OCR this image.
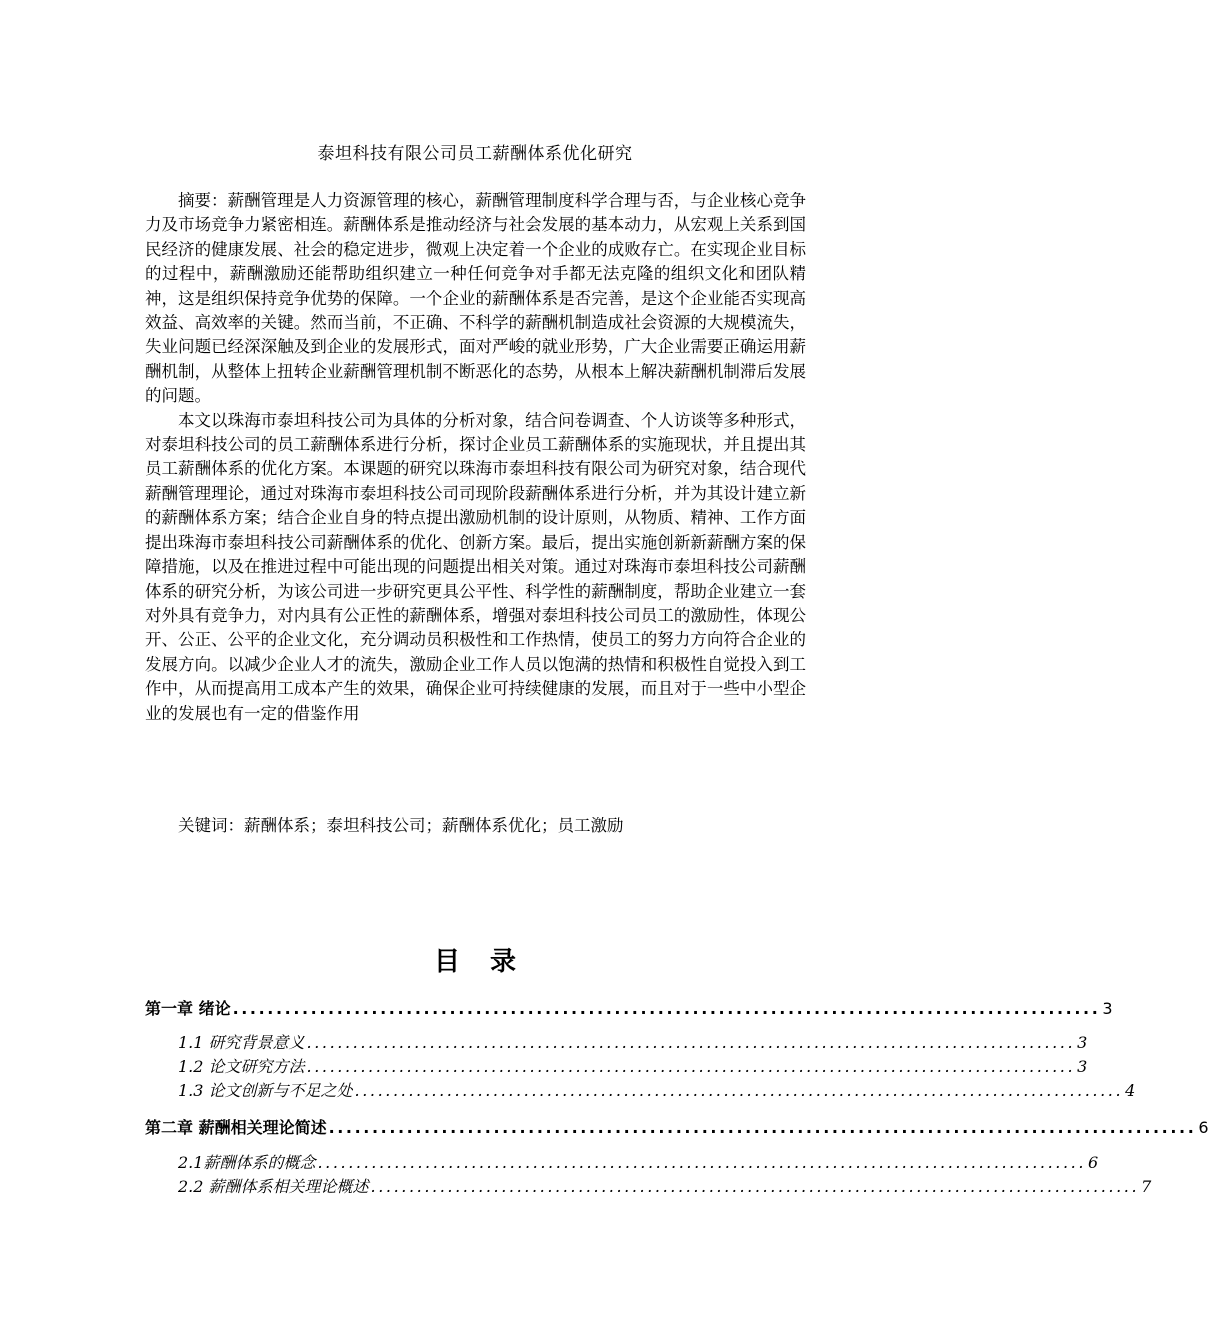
泰坦科技有限公司员工薪酬体系优化研究

摘要：薪酬管理是人力资源管理的核心，薪酬管理制度科学合理与否，与企业核心竞争力及市场竞争力紧密相连。薪酬体系是推动经济与社会发展的基本动力，从宏观上关系到国民经济的健康发展、社会的稳定进步，微观上决定着一个企业的成败存亡。在实现企业目标的过程中，薪酬激励还能帮助组织建立一种任何竞争对手都无法克隆的组织文化和团队精神，这是组织保持竞争优势的保障。一个企业的薪酬体系是否完善，是这个企业能否实现高效益、高效率的关键。然而当前，不正确、不科学的薪酬机制造成社会资源的大规模流失，失业问题已经深深触及到企业的发展形式，面对严峻的就业形势，广大企业需要正确运用薪酬机制，从整体上扭转企业薪酬管理机制不断恶化的态势，从根本上解决薪酬机制滞后发展的问题。

本文以珠海市泰坦科技公司为具体的分析对象，结合问卷调查、个人访谈等多种形式，对泰坦科技公司的员工薪酬体系进行分析，探讨企业员工薪酬体系的实施现状，并且提出其员工薪酬体系的优化方案。本课题的研究以珠海市泰坦科技有限公司为研究对象，结合现代薪酬管理理论，通过对珠海市泰坦科技公司司现阶段薪酬体系进行分析，并为其设计建立新的薪酬体系方案；结合企业自身的特点提出激励机制的设计原则，从物质、精神、工作方面提出珠海市泰坦科技公司薪酬体系的优化、创新方案。最后，提出实施创新新薪酬方案的保障措施，以及在推进过程中可能出现的问题提出相关对策。通过对珠海市泰坦科技公司薪酬体系的研究分析，为该公司进一步研究更具公平性、科学性的薪酬制度，帮助企业建立一套对外具有竞争力，对内具有公正性的薪酬体系，增强对泰坦科技公司员工的激励性，体现公开、公正、公平的企业文化，充分调动员积极性和工作热情，使员工的努力方向符合企业的发展方向。以减少企业人才的流失，激励企业工作人员以饱满的热情和积极性自觉投入到工作中，从而提高用工成本产生的效果，确保企业可持续健康的发展，而且对于一些中小型企业的发展也有一定的借鉴作用

关键词：薪酬体系；泰坦科技公司；薪酬体系优化；员工激励
目录
第一章 绪论 .................................................................................................... 3
1.1 研究背景意义 .................................................................................................... 3
1.2 论文研究方法 .................................................................................................... 3
1.3 论文创新与不足之处 .................................................................................................... 4
第二章 薪酬相关理论简述 .................................................................................................... 6
2.1薪酬体系的概念 .................................................................................................... 6
2.2 薪酬体系相关理论概述 .................................................................................................... 7
